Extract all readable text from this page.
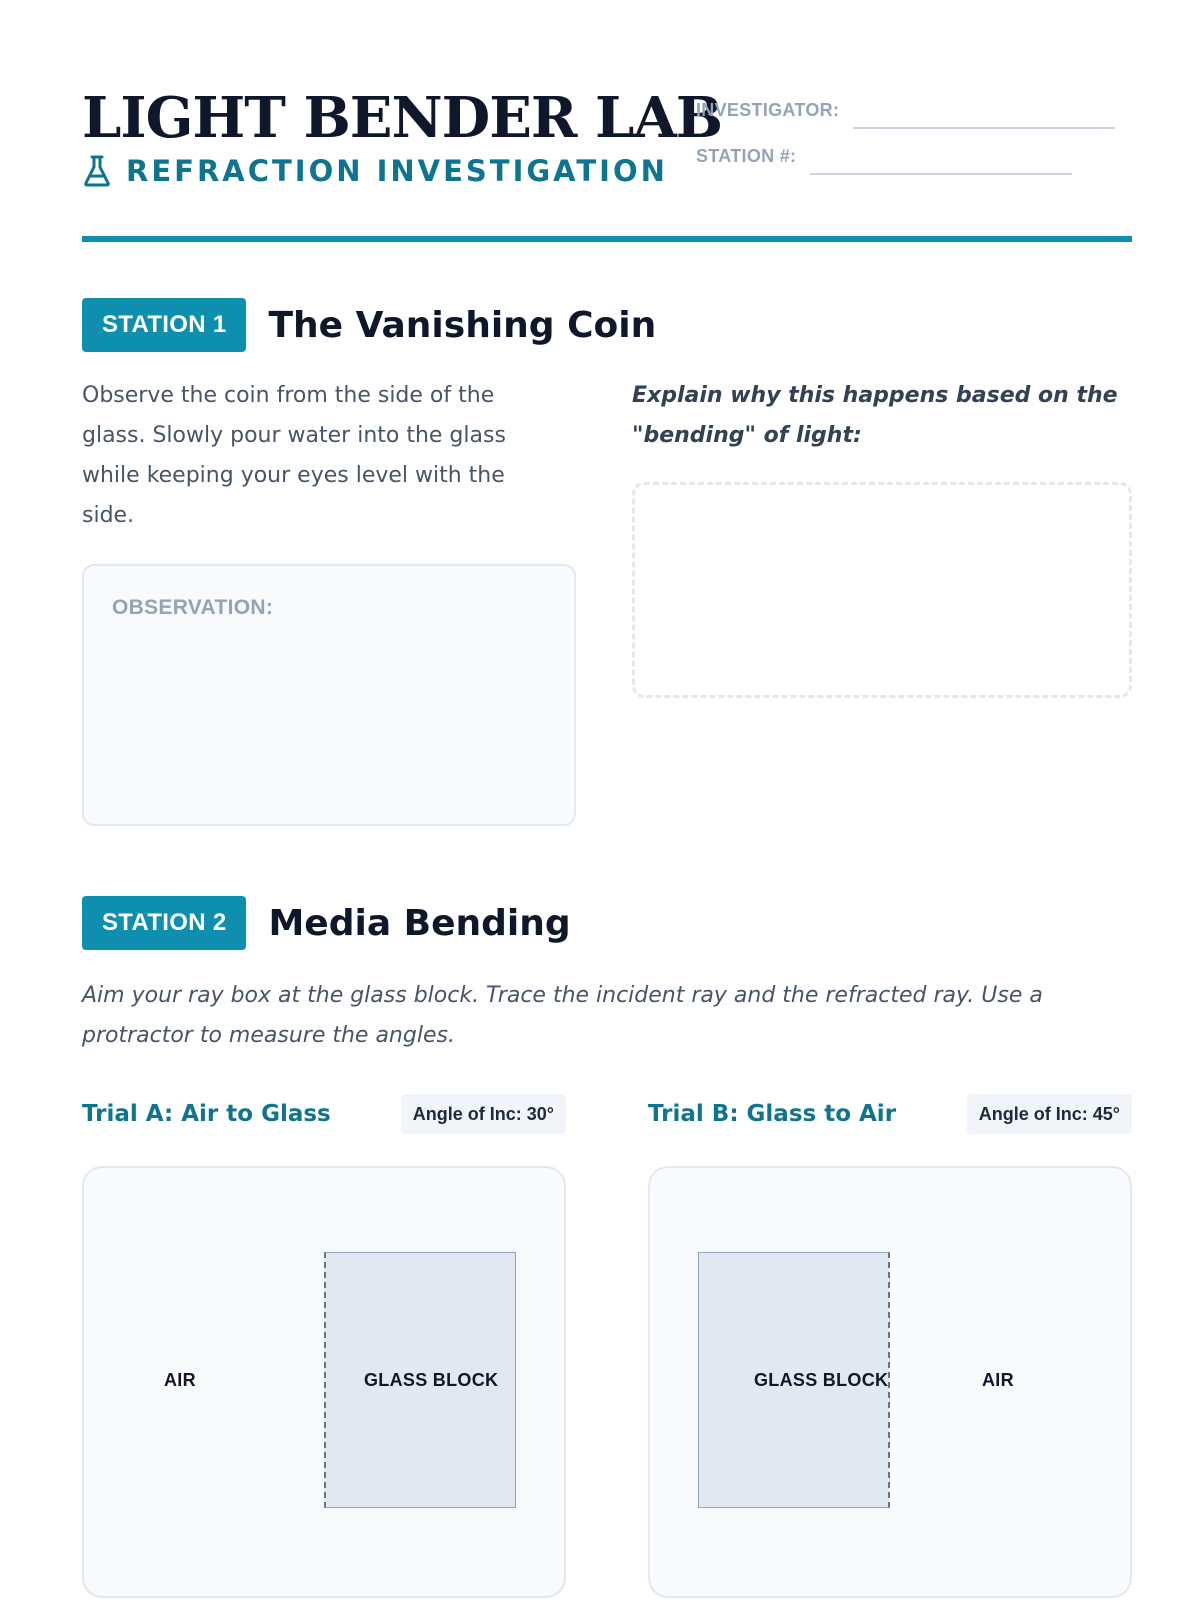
LIGHT BENDER LAB
REFRACTION INVESTIGATION
INVESTIGATOR:
STATION #:
STATION 1	The Vanishing Coin

Observe the coin from the side of the glass. Slowly pour water into the glass while keeping your eyes level with the side.

OBSERVATION:

Explain why this happens based on the "bending" of light:

STATION 2	Media Bending

Aim your ray box at the glass block. Trace the incident ray and the refracted ray. Use a protractor to measure the angles.

Trial A: Air to Glass	Angle of Inc: 30°
AIR	GLASS BLOCK
Trial B: Glass to Air	Angle of Inc: 45°
GLASS BLOCK	AIR
